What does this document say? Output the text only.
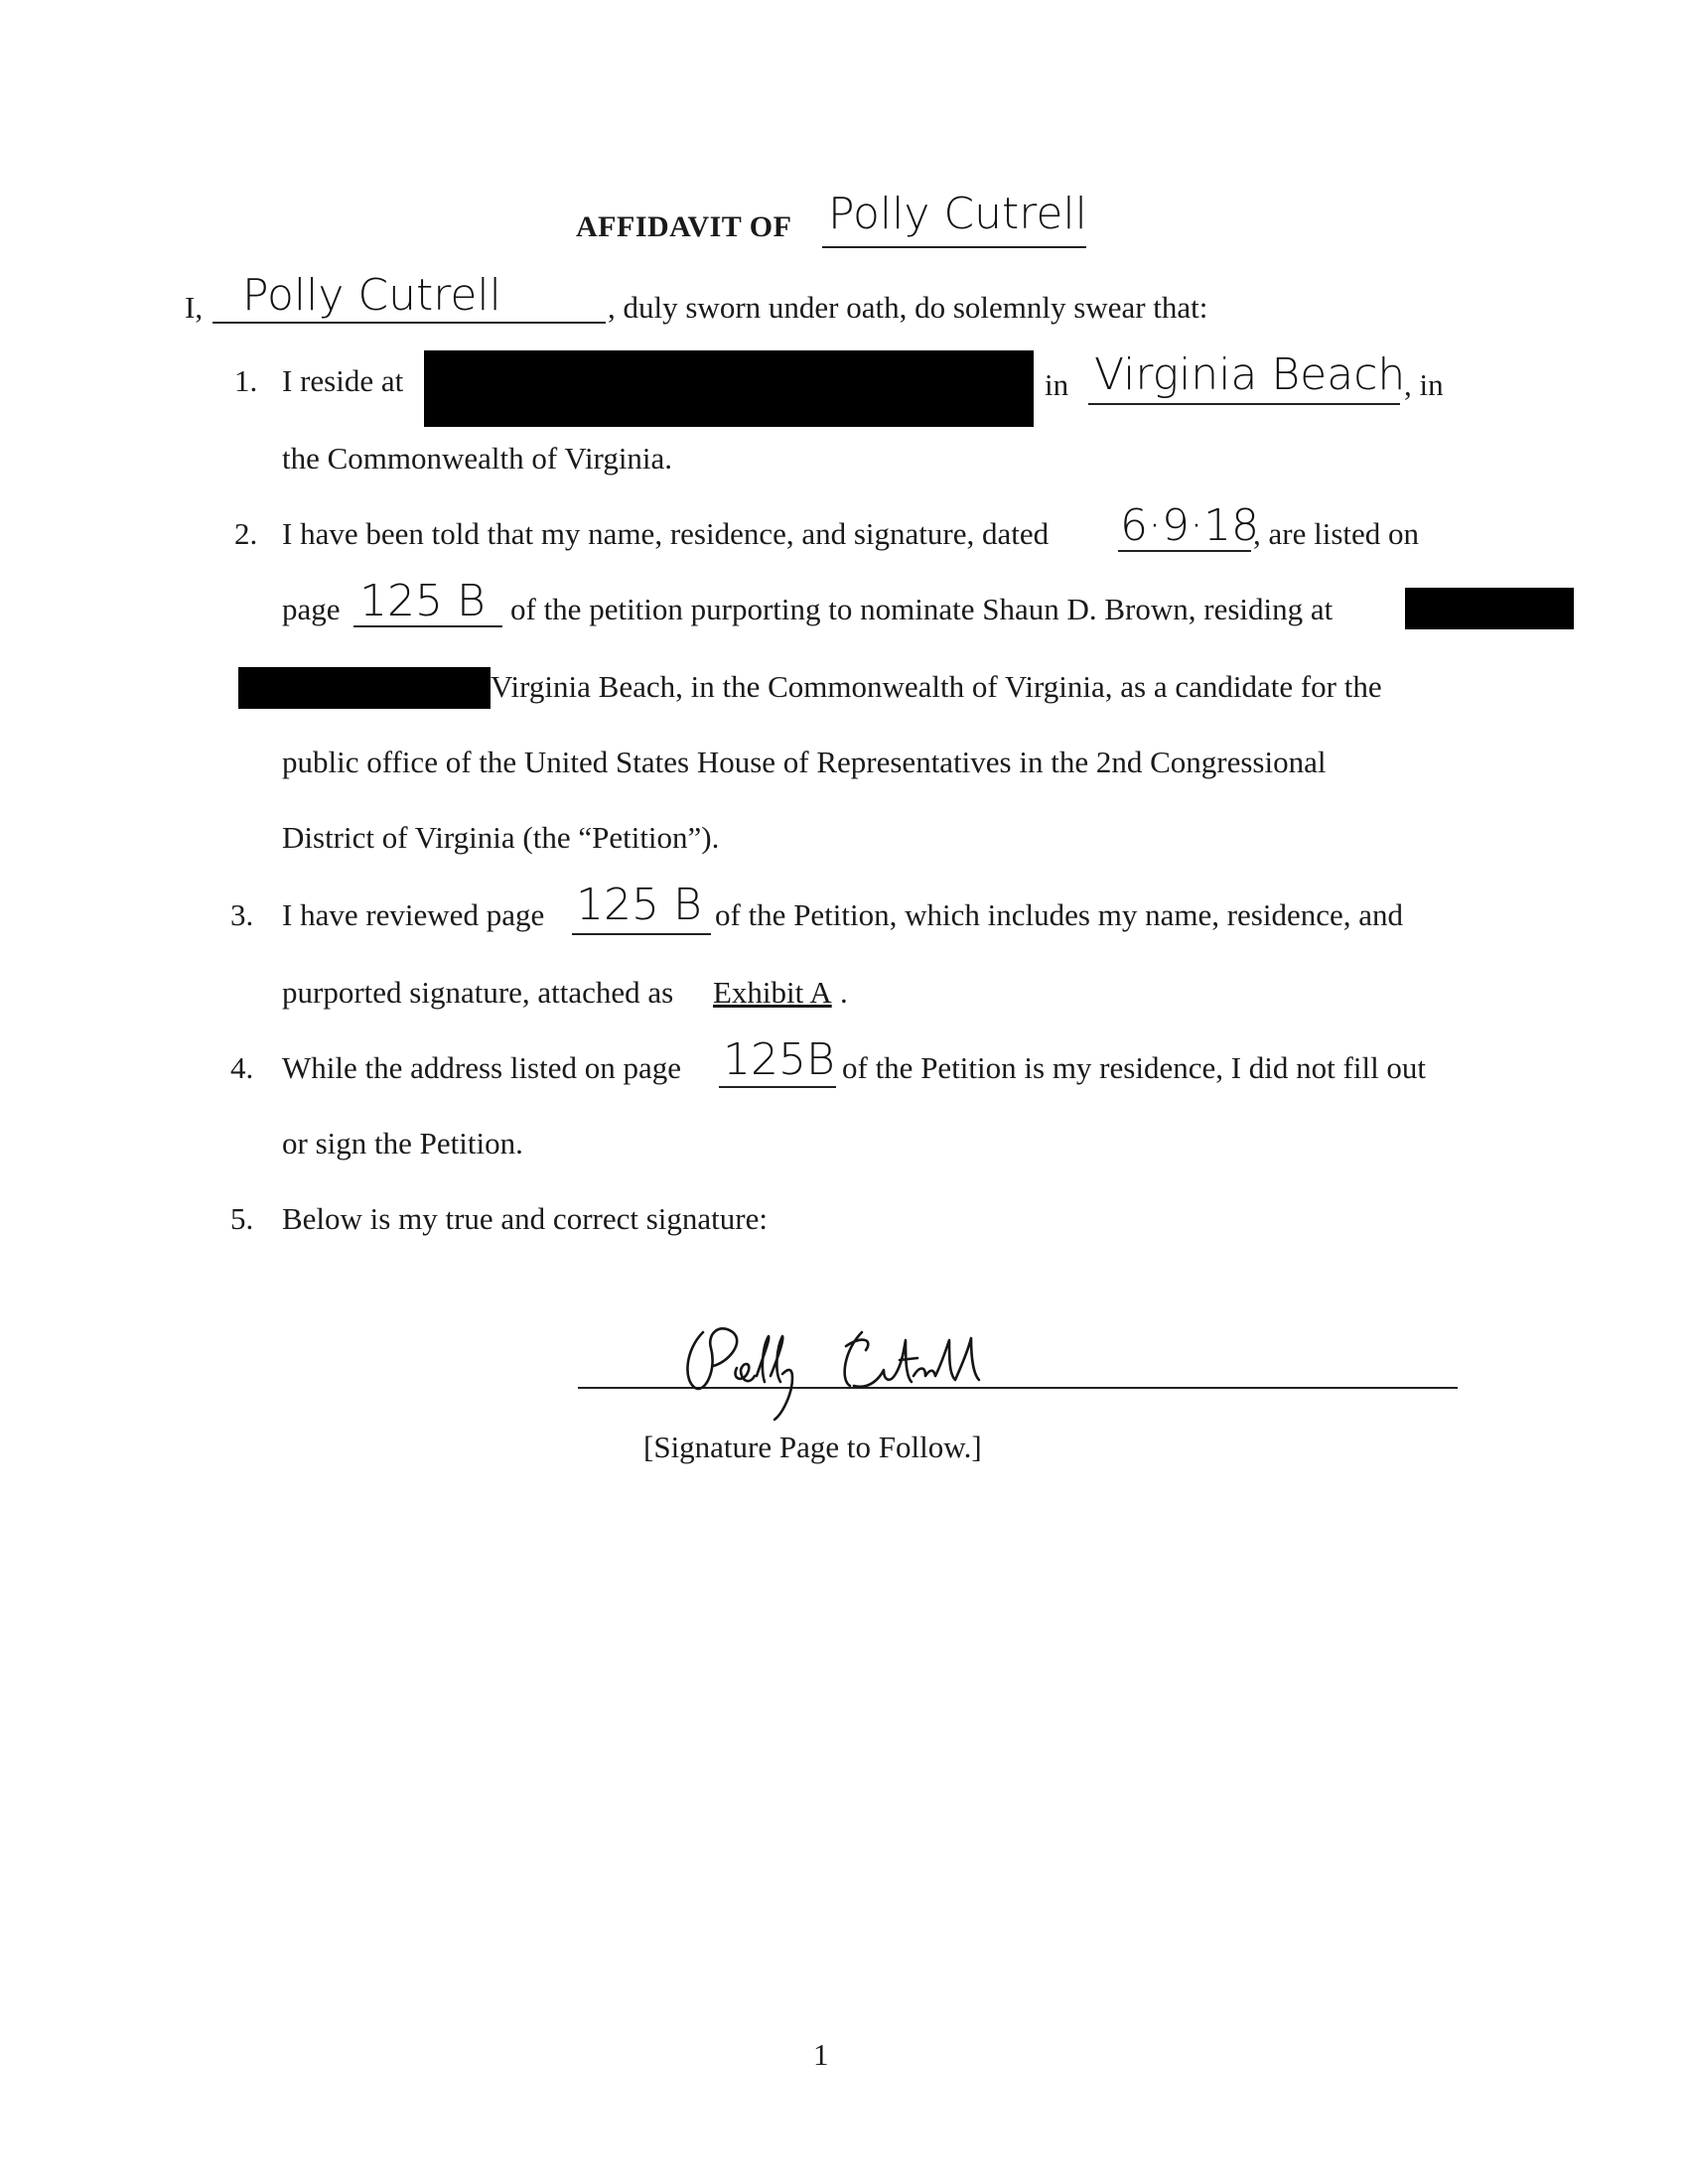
AFFIDAVIT OF Polly Cutrell
I, Polly Cutrell	, duly sworn under oath, do solemnly swear that:
1. I reside at	in Virginia Beach
, in
the Commonwealth of Virginia.
2. I have been told that my name, residence, and signature, dated 6·9·18
, are listed on
page 125 B of the petition purporting to nominate Shaun D. Brown, residing at
Virginia Beach, in the Commonwealth of Virginia, as a candidate for the
public office of the United States House of Representatives in the 2nd Congressional
District of Virginia (the “Petition”).
3. I have reviewed page 125 B of the Petition, which includes my name, residence, and
purported signature, attached as Exhibit A .
4. While the address listed on page 125B of the Petition is my residence, I did not fill out
or sign the Petition.
5. Below is my true and correct signature:
[Signature Page to Follow.]
1
